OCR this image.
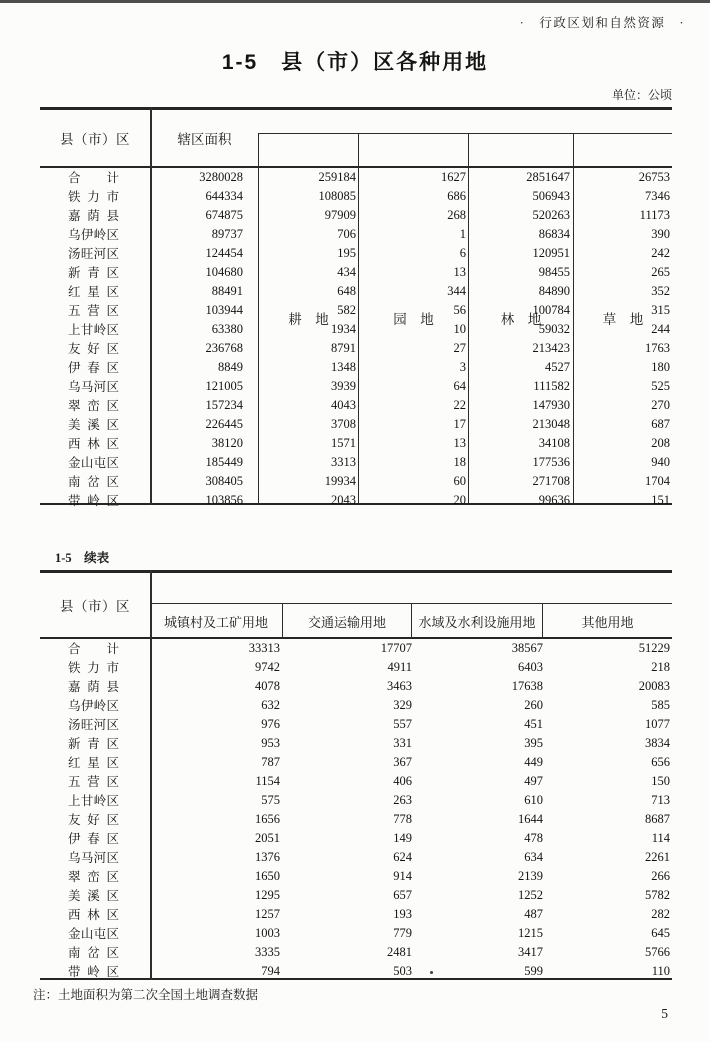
·　行政区划和自然资源　·
1-5　县（市）区各种用地
单位：公顷
县（市）区	辖区面积
耕　地	园　地	林　地	草　地
合计	3280028	259184	1627	2851647	26753
铁力市	644334	108085	686	506943	7346
嘉荫县	674875	97909	268	520263	11173
乌伊岭区	89737	706	1	86834	390
汤旺河区	124454	195	6	120951	242
新青区	104680	434	13	98455	265
红星区	88491	648	344	84890	352
五营区	103944	582	56	100784	315
上甘岭区	63380	1934	10	59032	244
友好区	236768	8791	27	213423	1763
伊春区	8849	1348	3	4527	180
乌马河区	121005	3939	64	111582	525
翠峦区	157234	4043	22	147930	270
美溪区	226445	3708	17	213048	687
西林区	38120	1571	13	34108	208
金山屯区	185449	3313	18	177536	940
南岔区	308405	19934	60	271708	1704
带岭区	103856	2043	20	99636	151
1-5　续表
县（市）区
城镇村及工矿用地	交通运输用地	水域及水利设施用地	其他用地
合计	33313	17707	38567	51229
铁力市	9742	4911	6403	218
嘉荫县	4078	3463	17638	20083
乌伊岭区	632	329	260	585
汤旺河区	976	557	451	1077
新青区	953	331	395	3834
红星区	787	367	449	656
五营区	1154	406	497	150
上甘岭区	575	263	610	713
友好区	1656	778	1644	8687
伊春区	2051	149	478	114
乌马河区	1376	624	634	2261
翠峦区	1650	914	2139	266
美溪区	1295	657	1252	5782
西林区	1257	193	487	282
金山屯区	1003	779	1215	645
南岔区	3335	2481	3417	5766
带岭区	794	503	599	110
注：土地面积为第二次全国土地调查数据
5
